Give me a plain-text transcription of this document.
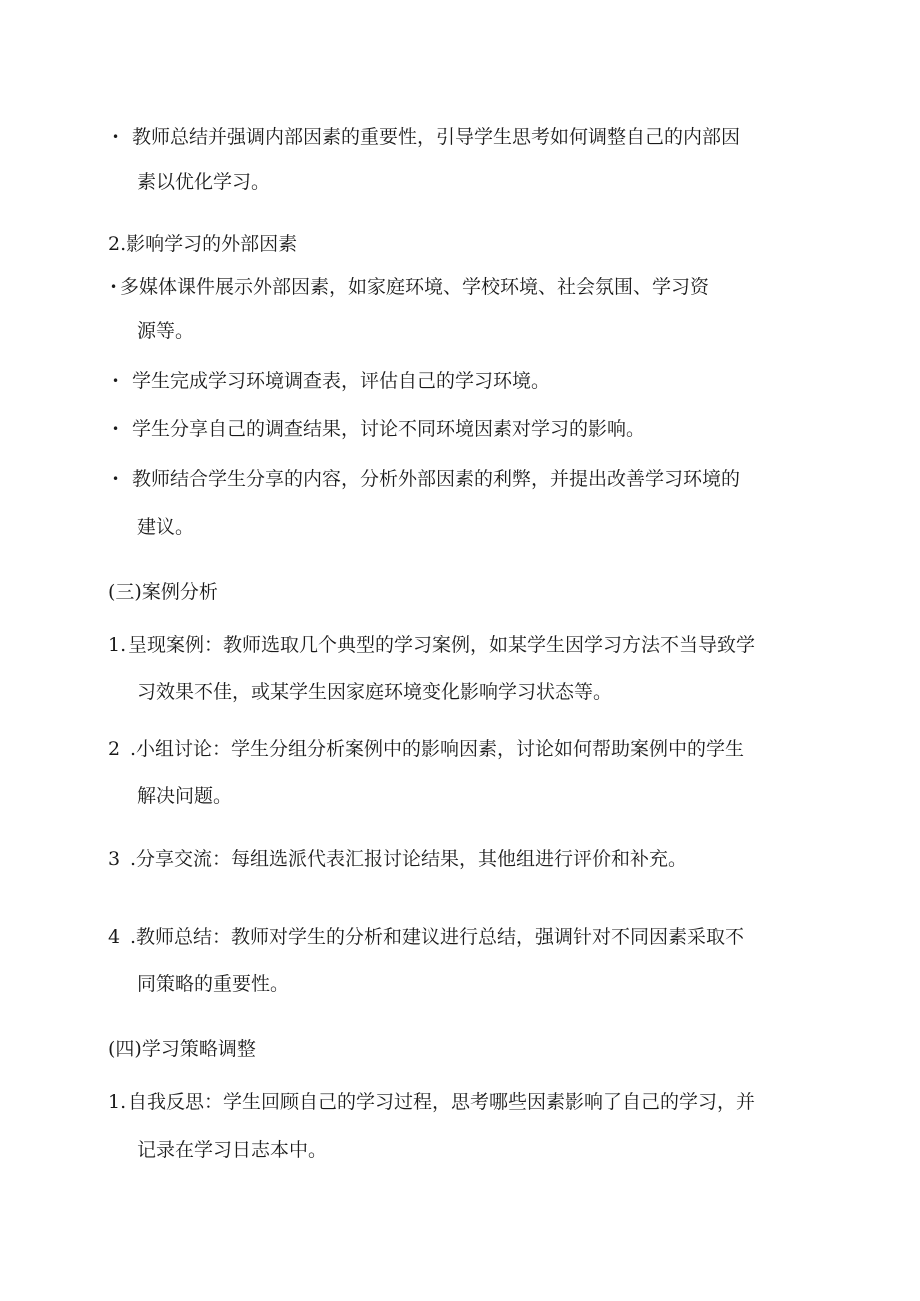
• 教师总结并强调内部因素的重要性，引导学生思考如何调整自己的内部因
素以优化学习。
2.影响学习的外部因素
• 多媒体课件展示外部因素，如家庭环境、学校环境、社会氛围、学习资
源等。
• 学生完成学习环境调查表，评估自己的学习环境。
• 学生分享自己的调查结果，讨论不同环境因素对学习的影响。
• 教师结合学生分享的内容，分析外部因素的利弊，并提出改善学习环境的
建议。
(三)案例分析
1. 呈现案例：教师选取几个典型的学习案例，如某学生因学习方法不当导致学
习效果不佳，或某学生因家庭环境变化影响学习状态等。
2 .小组讨论：学生分组分析案例中的影响因素，讨论如何帮助案例中的学生
解决问题。
3 .分享交流：每组选派代表汇报讨论结果，其他组进行评价和补充。
4 .教师总结：教师对学生的分析和建议进行总结，强调针对不同因素采取不
同策略的重要性。
(四)学习策略调整
1. 自我反思：学生回顾自己的学习过程，思考哪些因素影响了自己的学习，并
记录在学习日志本中。
